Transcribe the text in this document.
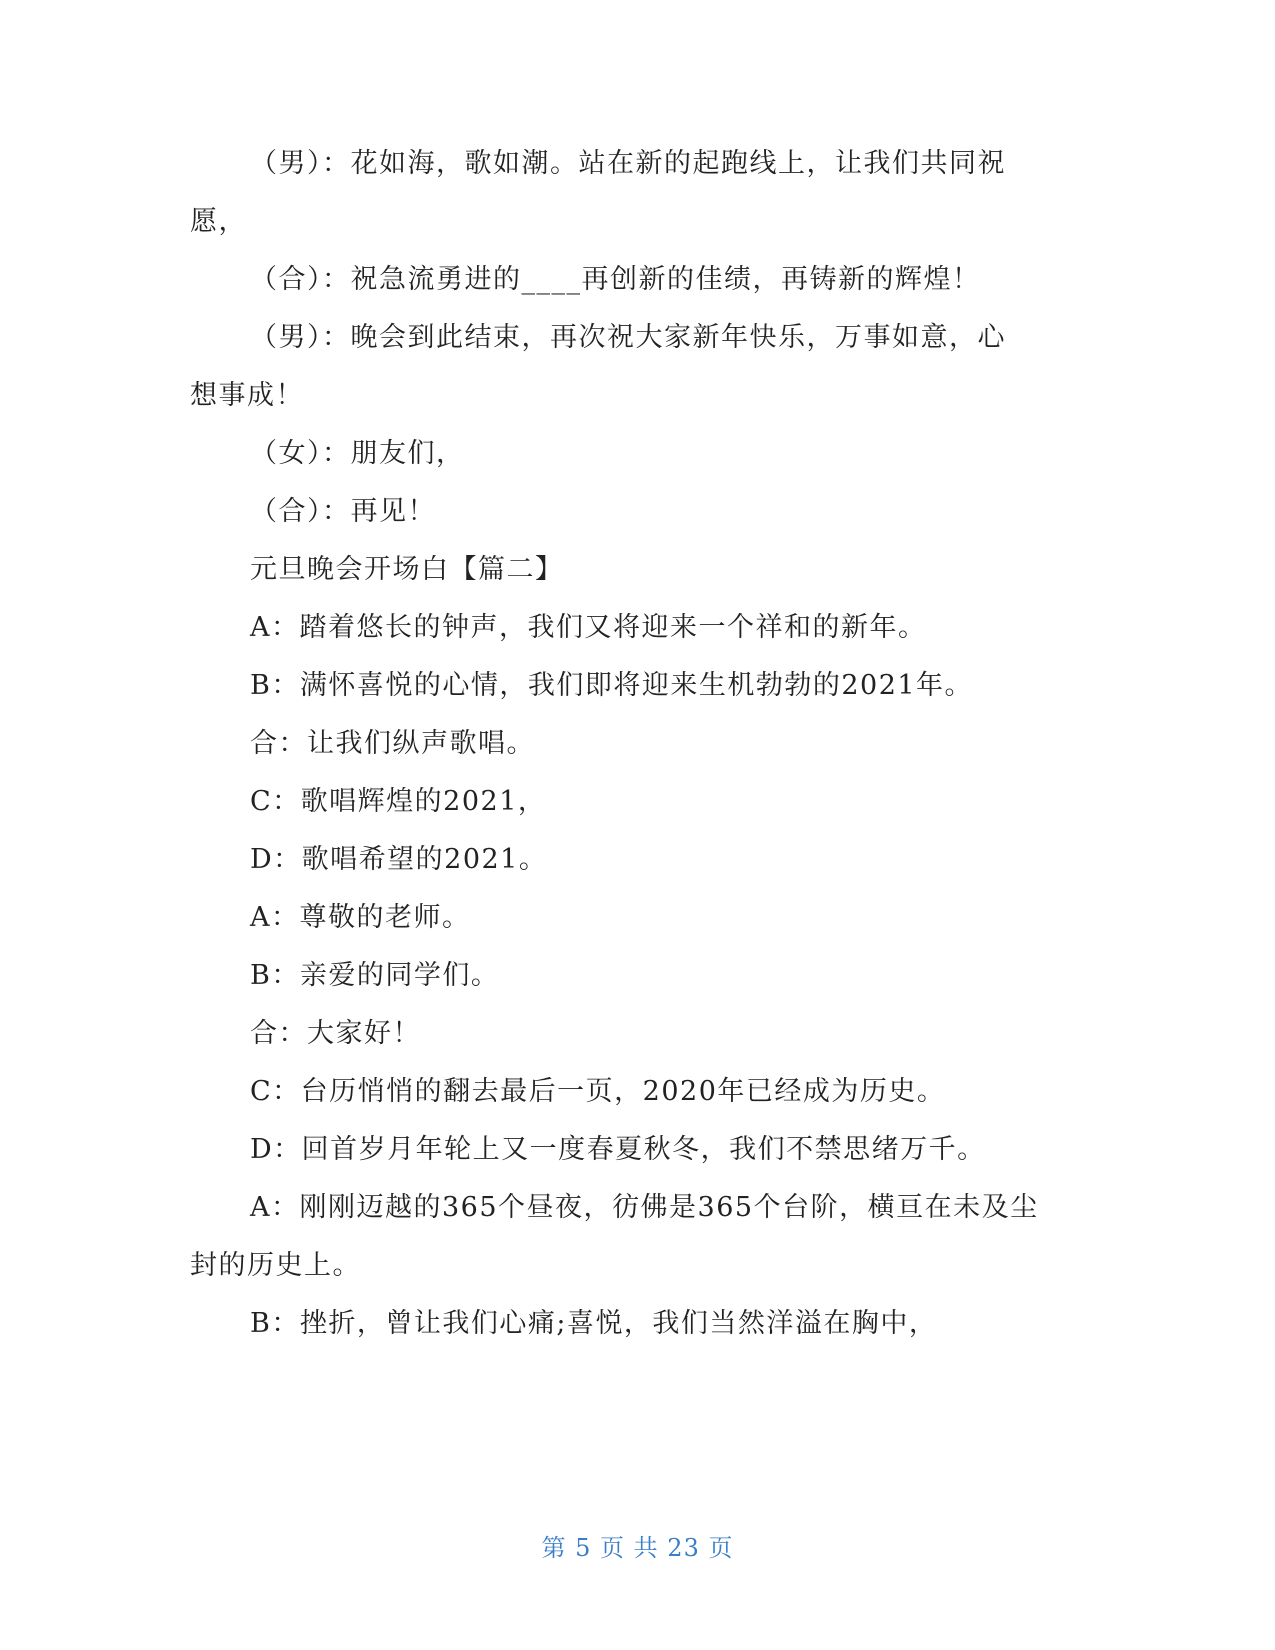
（男）：花如海，歌如潮。站在新的起跑线上，让我们共同祝
愿，
（合）：祝急流勇进的____再创新的佳绩，再铸新的辉煌！
（男）：晚会到此结束，再次祝大家新年快乐，万事如意，心
想事成！
（女）：朋友们，
（合）：再见！
元旦晚会开场白【篇二】
A：踏着悠长的钟声，我们又将迎来一个祥和的新年。
B：满怀喜悦的心情，我们即将迎来生机勃勃的2021年。
合：让我们纵声歌唱。
C：歌唱辉煌的2021，
D：歌唱希望的2021。
A：尊敬的老师。
B：亲爱的同学们。
合：大家好！
C：台历悄悄的翻去最后一页，2020年已经成为历史。
D：回首岁月年轮上又一度春夏秋冬，我们不禁思绪万千。
A：刚刚迈越的365个昼夜，彷佛是365个台阶，横亘在未及尘
封的历史上。
B：挫折，曾让我们心痛;喜悦，我们当然洋溢在胸中，
第 5 页 共 23 页
